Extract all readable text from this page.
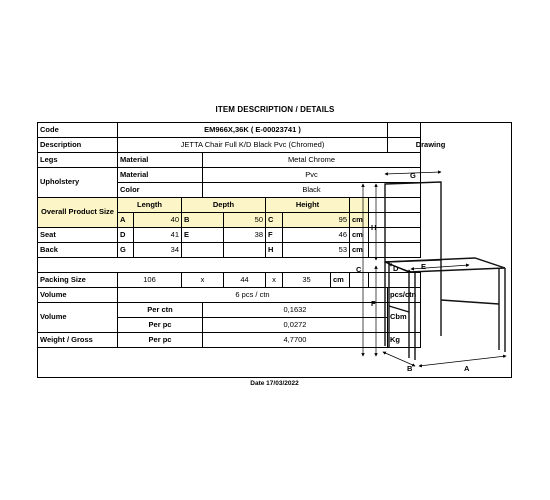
ITEM DESCRIPTION / DETAILS
Code	EM966X,36K ( E-00023741 )										
Description	JETTA Chair Full K/D Black Pvc (Chromed)										
Legs	Material			Metal Chrome							
Upholstery	Material			Pvc							
	Color			Black							
Overall Product Size	Length		Depth			Height					
	A	40	B		50	C	95		cm		
Seat	D	41	E		38	F	46		cm		
Back	G	34				H	53		cm		

Packing Size	106		x		44	x	35	cm			
Volume	6 pcs / ctn										pcs/ctn
Volume	Per ctn			0,1632							Cbm
	Per pc			0,0272							
Weight / Gross	Per pc			4,7700							Kg
Drawing
G
H
C	D	E
F
B	A
Date 17/03/2022
